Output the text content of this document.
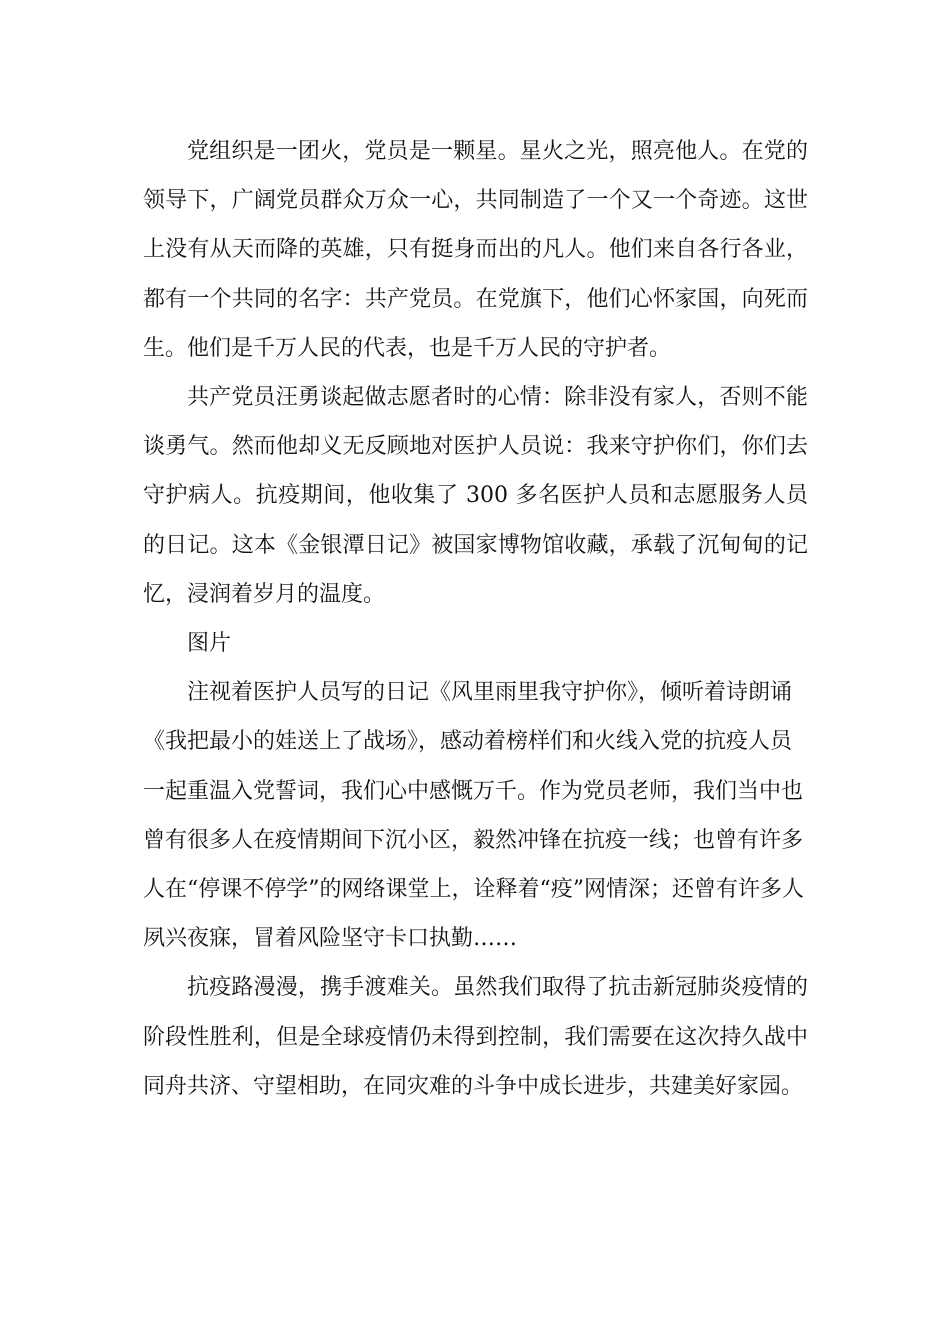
党组织是一团火，党员是一颗星。星火之光，照亮他人。在党的领导下，广阔党员群众万众一心，共同制造了一个又一个奇迹。这世上没有从天而降的英雄，只有挺身而出的凡人。他们来自各行各业，都有一个共同的名字：共产党员。在党旗下，他们心怀家国，向死而生。他们是千万人民的代表，也是千万人民的守护者。

共产党员汪勇谈起做志愿者时的心情：除非没有家人，否则不能谈勇气。然而他却义无反顾地对医护人员说：我来守护你们，你们去守护病人。抗疫期间，他收集了 300 多名医护人员和志愿服务人员的日记。这本《金银潭日记》被国家博物馆收藏，承载了沉甸甸的记忆，浸润着岁月的温度。

图片

注视着医护人员写的日记《风里雨里我守护你》，倾听着诗朗诵《我把最小的娃送上了战场》，感动着榜样们和火线入党的抗疫人员一起重温入党誓词，我们心中感慨万千。作为党员老师，我们当中也曾有很多人在疫情期间下沉小区，毅然冲锋在抗疫一线；也曾有许多人在“停课不停学”的网络课堂上，诠释着“疫”网情深；还曾有许多人夙兴夜寐，冒着风险坚守卡口执勤……

抗疫路漫漫，携手渡难关。虽然我们取得了抗击新冠肺炎疫情的阶段性胜利，但是全球疫情仍未得到控制，我们需要在这次持久战中同舟共济、守望相助，在同灾难的斗争中成长进步，共建美好家园。
